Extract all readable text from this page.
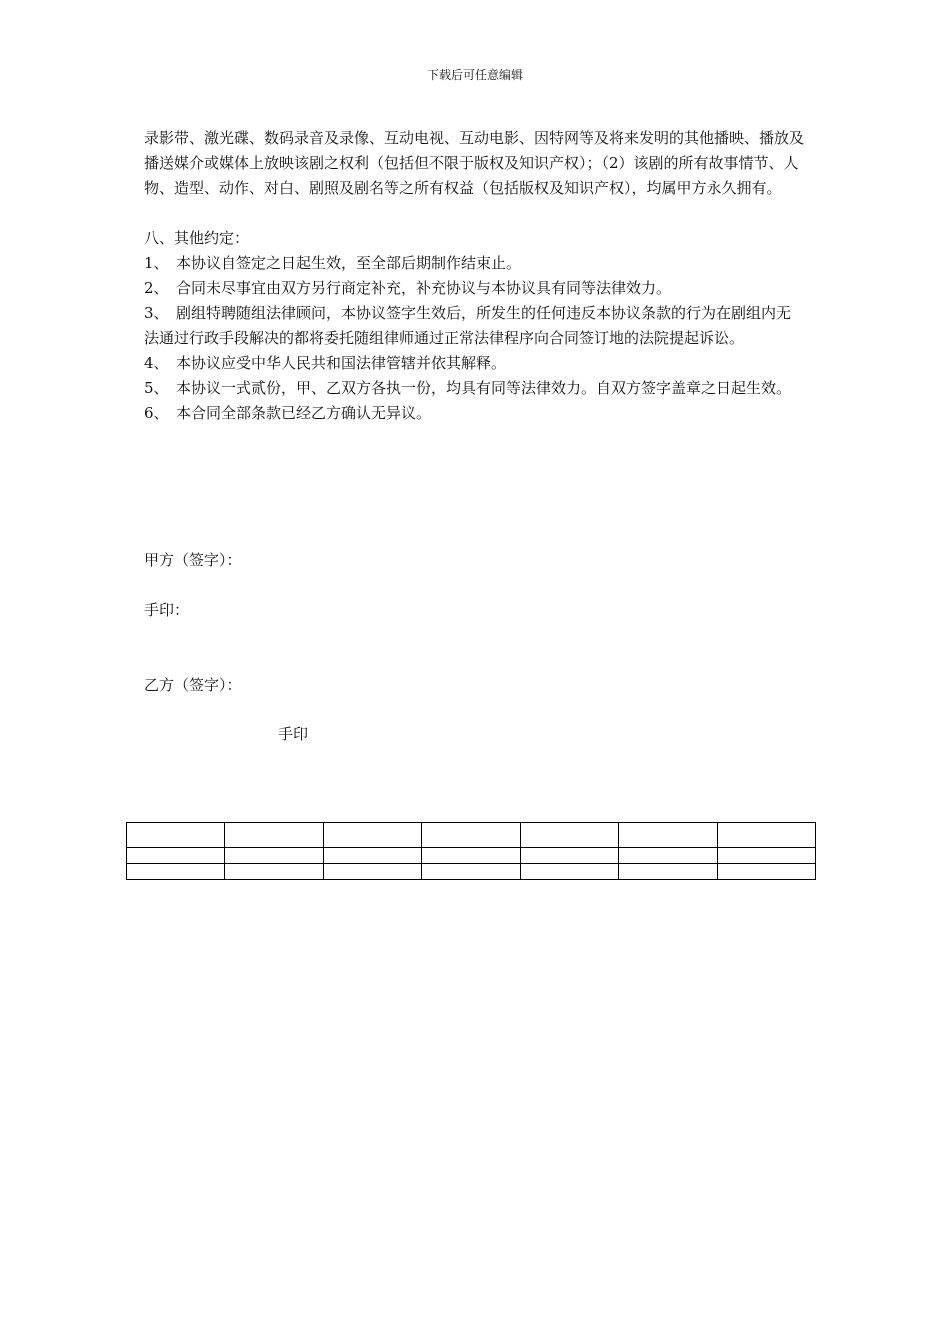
下载后可任意编辑

录影带、激光碟、数码录音及录像、互动电视、互动电影、因特网等及将来发明的其他播映、播放及播送媒介或媒体上放映该剧之权利（包括但不限于版权及知识产权）；（2）该剧的所有故事情节、人物、造型、动作、对白、剧照及剧名等之所有权益（包括版权及知识产权），均属甲方永久拥有。

八、其他约定：

1、　本协议自签定之日起生效，至全部后期制作结束止。

2、　合同未尽事宜由双方另行商定补充，补充协议与本协议具有同等法律效力。

3、　剧组特聘随组法律顾问，本协议签字生效后，所发生的任何违反本协议条款的行为在剧组内无法通过行政手段解决的都将委托随组律师通过正常法律程序向合同签订地的法院提起诉讼。

4、　本协议应受中华人民共和国法律管辖并依其解释。

5、　本协议一式贰份，甲、乙双方各执一份，均具有同等法律效力。自双方签字盖章之日起生效。

6、　本合同全部条款已经乙方确认无异议。

甲方（签字）：
手印：
乙方（签字）：
手印
